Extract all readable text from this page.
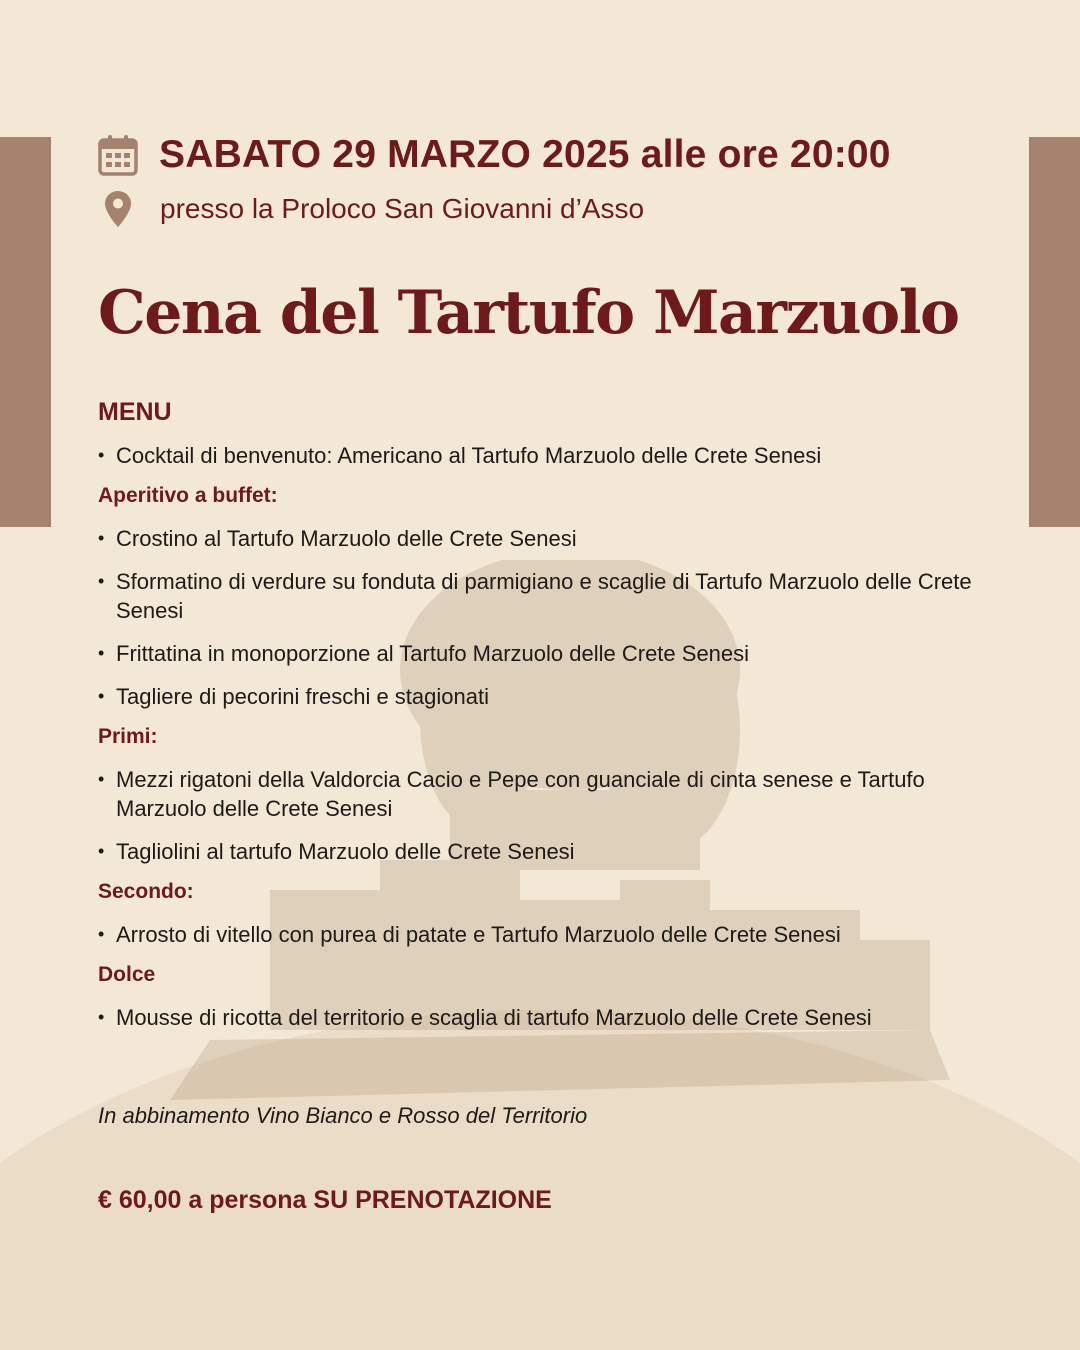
SABATO 29 MARZO 2025 alle ore 20:00
presso la Proloco San Giovanni d’Asso
Cena del Tartufo Marzuolo
MENU
• Cocktail di benvenuto: Americano al Tartufo Marzuolo delle Crete Senesi
Aperitivo a buffet:
• Crostino al Tartufo Marzuolo delle Crete Senesi
• Sformatino di verdure su fonduta di parmigiano e scaglie di Tartufo Marzuolo delle Crete Senesi
• Frittatina in monoporzione al Tartufo Marzuolo delle Crete Senesi
• Tagliere di pecorini freschi e stagionati
Primi:
• Mezzi rigatoni della Valdorcia Cacio e Pepe con guanciale di cinta senese e Tartufo Marzuolo delle Crete Senesi
• Tagliolini al tartufo Marzuolo delle Crete Senesi
Secondo:
• Arrosto di vitello con purea di patate e Tartufo Marzuolo delle Crete Senesi
Dolce
• Mousse di ricotta del territorio e scaglia di tartufo Marzuolo delle Crete Senesi
In abbinamento Vino Bianco e Rosso del Territorio
€ 60,00 a persona SU PRENOTAZIONE
